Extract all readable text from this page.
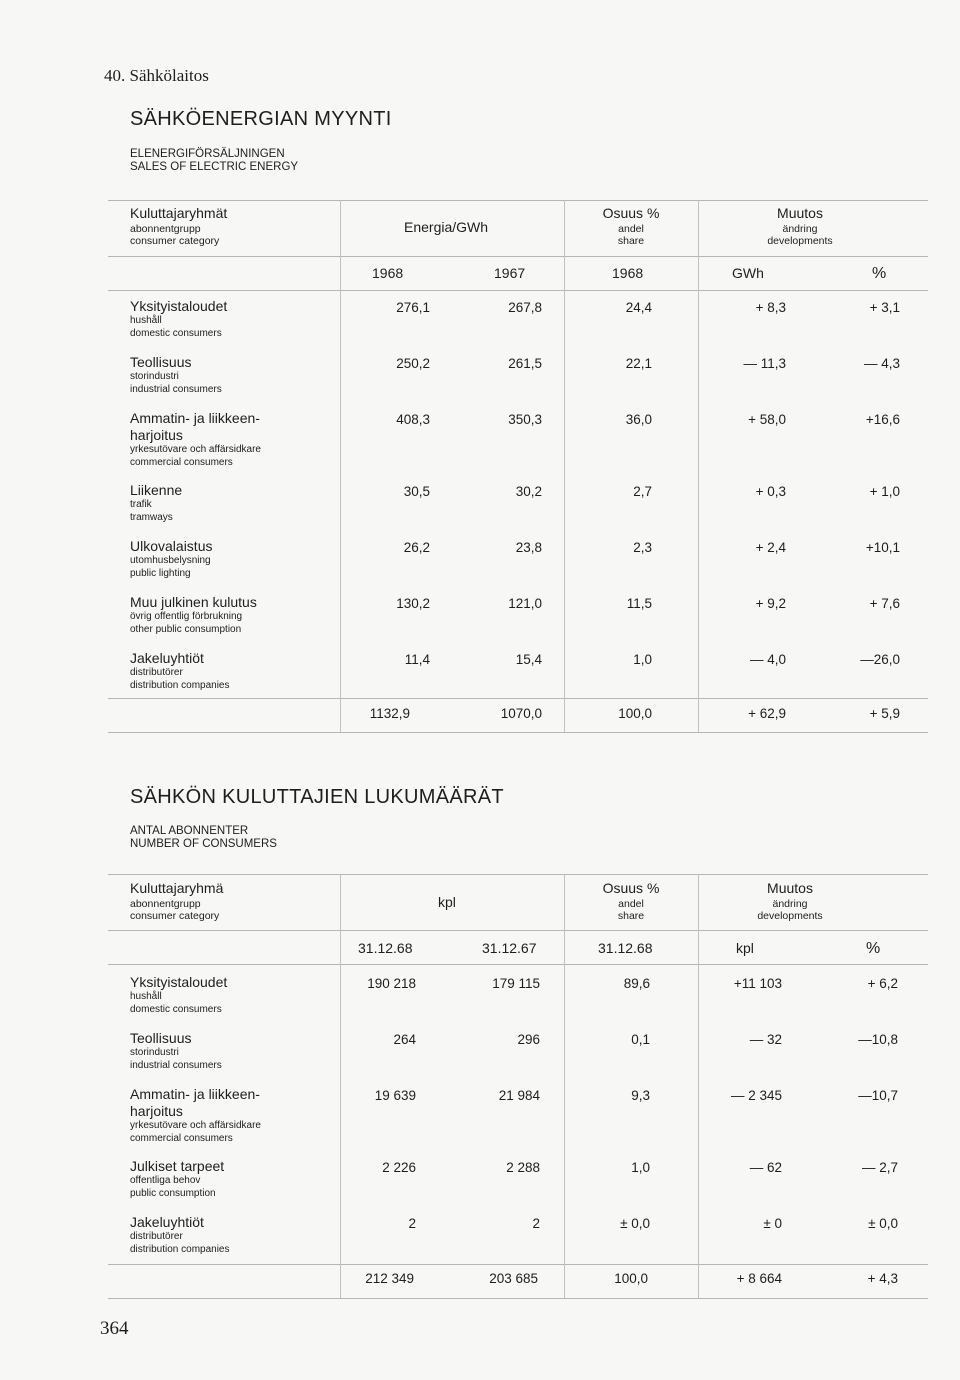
40. Sähkölaitos
SÄHKÖENERGIAN MYYNTI
ELENERGIFÖRSÄLJNINGEN
SALES OF ELECTRIC ENERGY
Kuluttajaryhmät
abonnentgrupp
consumer category
Energia/GWh
Osuus %
andel
share
Muutos
ändring
developments
1968	1967	1968	GWh	%
Yksityistaloudet
hushåll
domestic consumers
276,1	267,8	24,4	+ 8,3	+ 3,1
Teollisuus
storindustri
industrial consumers
250,2	261,5	22,1	— 11,3	— 4,3
Ammatin- ja liikkeen-
harjoitus
yrkesutövare och affärsidkare
commercial consumers
408,3	350,3	36,0	+ 58,0	+16,6
Liikenne
trafik
tramways
30,5	30,2	2,7	+ 0,3	+ 1,0
Ulkovalaistus
utomhusbelysning
public lighting
26,2	23,8	2,3	+ 2,4	+10,1
Muu julkinen kulutus
övrig offentlig förbrukning
other public consumption
130,2	121,0	11,5	+ 9,2	+ 7,6
Jakeluyhtiöt
distributörer
distribution companies
11,4	15,4	1,0	— 4,0	—26,0
1132,9	1070,0	100,0	+ 62,9	+ 5,9
SÄHKÖN KULUTTAJIEN LUKUMÄÄRÄT
ANTAL ABONNENTER
NUMBER OF CONSUMERS
Kuluttajaryhmä
abonnentgrupp
consumer category
kpl
Osuus %
andel
share
Muutos
ändring
developments
31.12.68	31.12.67	31.12.68	kpl	%
Yksityistaloudet
hushåll
domestic consumers
190 218	179 115	89,6	+11 103	+ 6,2
Teollisuus
storindustri
industrial consumers
264	296	0,1	— 32	—10,8
Ammatin- ja liikkeen-
harjoitus
yrkesutövare och affärsidkare
commercial consumers
19 639	21 984	9,3	— 2 345	—10,7
Julkiset tarpeet
offentliga behov
public consumption
2 226	2 288	1,0	— 62	— 2,7
Jakeluyhtiöt
distributörer
distribution companies
2	2	± 0,0	± 0	± 0,0
212 349	203 685	100,0	+ 8 664	+ 4,3
364
